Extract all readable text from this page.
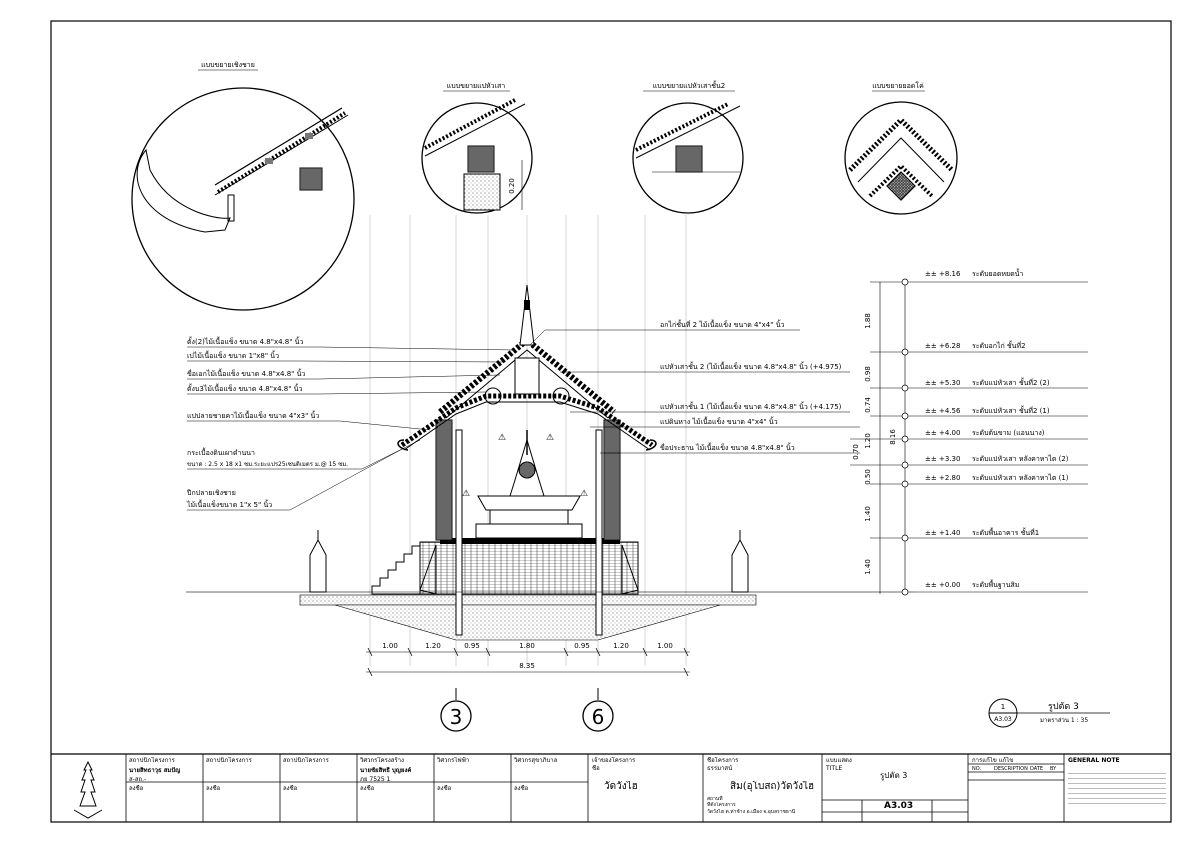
แบบขยายเชิงชาย
แบบขยายแปหัวเสา
0.20
แบบขยายแปหัวเสาชั้น2	แบบขยายยอดโค่
⚠	⚠
⚠	⚠
ตั้ง(2)ไม้เนื้อแข็ง ขนาด 4.8"x4.8" นิ้ว
เปไม้เนื้อแข็ง ขนาด 1"x8" นิ้ว
ขื่อเอกไม้เนื้อแข็ง ขนาด 4.8"x4.8" นิ้ว
ตั้งบ3ไม้เนื้อแข็ง ขนาด 4.8"x4.8" นิ้ว
แปปลายชายคาไม้เนื้อแข็ง ขนาด 4"x3" นิ้ว
กระเบื้องดินเผาดำนนา
ขนาด : 2.5 x 18 x1 ซม.ระยะแปร25เซนติเมตร ม.@ 15 ซม.
ปีกปลายเชิงชาย
ไม้เนื้อแข็งขนาด 1"x 5" นิ้ว
อกไก่ชั้นที่ 2 ไม้เนื้อแข็ง ขนาด 4"x4" นิ้ว
แปหัวเสาชั้น 2 (ไม้เนื้อแข็ง ขนาด 4.8"x4.8" นิ้ว (+4.975)
แปหัวเสาชั้น 1 (ไม้เนื้อแข็ง ขนาด 4.8"x4.8" นิ้ว (+4.175)
แปดินหาง ไม้เนื้อแข็ง ขนาด 4"x4" นิ้ว
ขื่อประธาน ไม้เนื้อแข็ง ขนาด 4.8"x4.8" นิ้ว
1.88
0.98
0.74
1.20
0.50
1.40
1.40
8.16
0.70
±± +8.16 ระดับยอดหยดน้ำ
±± +6.28 ระดับอกไก่ ชั้นที่2
±± +5.30 ระดับแปหัวเสา ชั้นที่2 (2)
±± +4.56 ระดับแปหัวเสา ชั้นที่2 (1)
±± +4.00 ระดับต้นขาม (แอนนาง)
±± +3.30 ระดับแปหัวเสา หลังคาหาไต (2)
±± +2.80 ระดับแปหัวเสา หลังคาหาไต (1)
±± +1.40 ระดับพื้นอาคาร ชั้นที่1
±± +0.00 ระดับพื้นฐานสิม
1.00	1.20	0.95	1.80	0.95	1.20	1.00
8.35
3	6	1
A3.03
รูปตัด 3
มาตราส่วน 1 : 35
สถาปนิกโครงการ
นายสิทธาวุธ สมปัญ
ส-สถ.-
ลงชื่อ
สถาปนิกโครงการ
ลงชื่อ
สถาปนิกโครงการ
ลงชื่อ
วิศวกรโครงสร้าง
นายชัยสิทธิ์ บุญยงค์
ภย 7525 1
ลงชื่อ
วิศวกรไฟฟ้า
ลงชื่อ
วิศวกรสุขาภิบาล
ลงชื่อ
เจ้าของโครงการ
ชื่อ
วัดวังไฮ
ชื่อโครงการ
ธรรมาสน์
สิม(อุโบสถ)วัดวังไฮ
สถานที่
ที่ตั้งโครงการ
วัดวังไฮ ต.ท่าช้าง อ.เมือง จ.อุบลราชธานี
แบบแสดง
TITLE
รูปตัด 3
A3.03
การแก้ไข แก้ไข
NO.	DESCRIPTION DATE BY
GENERAL NOTE
